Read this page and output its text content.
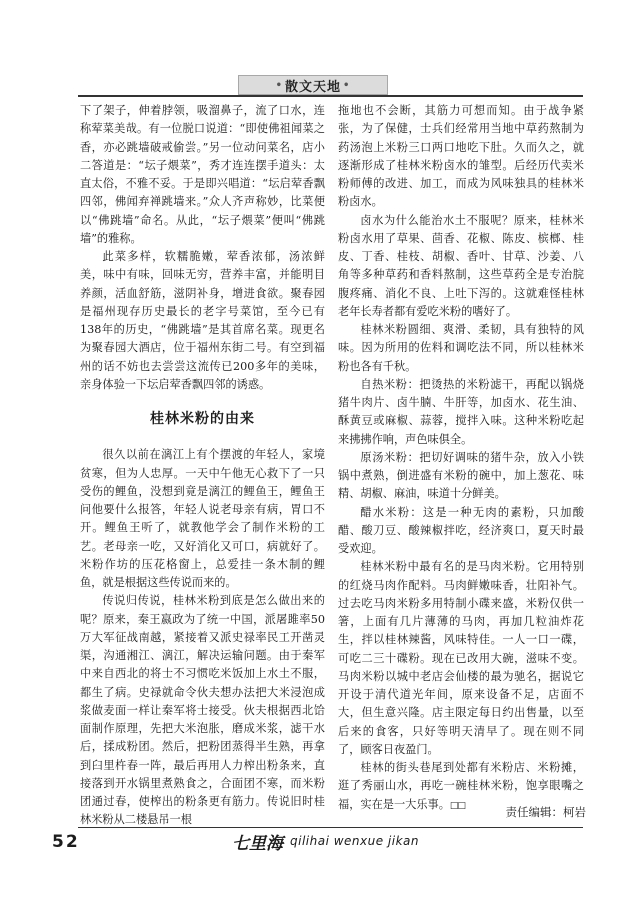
• 散文天地 •

下了架子，伸着脖领，吸溜鼻子，流了口水，连称荤菜美哉。有一位脱口说道：“即使佛祖闻菜之香，亦必跳墙破戒偷尝。”另一位动问菜名，店小二答道是：“坛子煨菜”，秀才连连摆手道头：太直太俗，不雅不妥。于是即兴唱道：“坛启荤香飘四邻，佛闻弃禅跳墙来。”众人齐声称妙，比菜便以“佛跳墙”命名。从此，“坛子煨菜”便叫“佛跳墙”的雅称。

此菜多样，软糯脆嫩，荤香浓郁，汤浓鲜美，味中有味，回味无穷，营养丰富，并能明目养颜，活血舒筋，滋阴补身，增进食欲。聚春园是福州现存历史最长的老字号菜馆，至今已有138年的历史，“佛跳墙”是其首席名菜。现更名为聚春园大酒店，位于福州东街二号。有空到福州的话不妨也去尝尝这流传已200多年的美味，亲身体验一下坛启荤香飘四邻的诱惑。

桂林米粉的由来

很久以前在漓江上有个摆渡的年轻人，家境贫寒，但为人忠厚。一天中午他无心救下了一只受伤的鲤鱼，没想到竟是漓江的鲤鱼王，鲤鱼王问他要什么报答，年轻人说老母亲有病，胃口不开。鲤鱼王听了，就教他学会了制作米粉的工艺。老母亲一吃，又好消化又可口，病就好了。米粉作坊的压花格窗上，总爱挂一条木制的鲤鱼，就是根据这些传说而来的。

传说归传说，桂林米粉到底是怎么做出来的呢？原来，秦王嬴政为了统一中国，派屠雎率50万大军征战南越，紧接着又派史禄率民工开凿灵渠，沟通湘江、漓江，解决运输问题。由于秦军中来自西北的将士不习惯吃米饭加上水土不服，都生了病。史禄就命令伙夫想办法把大米浸泡成浆做麦面一样让秦军将士接受。伙夫根据西北饸面制作原理，先把大米泡胀，磨成米浆，滤干水后，揉成粉团。然后，把粉团蒸得半生熟，再拿到臼里杵春一阵，最后再用人力榨出粉条来，直接落到开水锅里煮熟食之，合面团不寒，而米粉团通过春，使榨出的粉条更有筋力。传说旧时桂林米粉从二楼悬吊一根

拖地也不会断，其筋力可想而知。由于战争紧张，为了保健，士兵们经常用当地中草药熬制为药汤泡上米粉三口两口地吃下肚。久而久之，就逐渐形成了桂林米粉卤水的雏型。后经历代卖米粉师傅的改进、加工，而成为风味独具的桂林米粉卤水。

卤水为什么能治水土不服呢？原来，桂林米粉卤水用了草果、茴香、花椒、陈皮、槟榔、桂皮、丁香、桂枝、胡椒、香叶、甘草、沙姜、八角等多种草药和香料熬制，这些草药全是专治脘腹疼痛、消化不良、上吐下泻的。这就难怪桂林老年长寿者都有爱吃米粉的嗜好了。

桂林米粉圆细、爽滑、柔韧，具有独特的风味。因为所用的佐料和调吃法不同，所以桂林米粉也各有千秋。

自热米粉：把烫热的米粉滤干，再配以锅烧猪牛肉片、卤牛腩、牛肝等，加卤水、花生油、酥黄豆或麻椒、蒜蓉，搅拌入味。这种米粉吃起来拂拂作响，声色味俱全。

原汤米粉：把切好调味的猪牛杂，放入小铁锅中煮熟，倒进盛有米粉的碗中，加上葱花、味精、胡椒、麻油，味道十分鲜美。

醋水米粉：这是一种无肉的素粉，只加酸醋、酸刀豆、酸辣椒拌吃，经济爽口，夏天时最受欢迎。

桂林米粉中最有名的是马肉米粉。它用特别的红烧马肉作配料。马肉鲜嫩味香，壮阳补气。过去吃马肉米粉多用特制小碟来盛，米粉仅供一箸，上面有几片薄薄的马肉，再加几粒油炸花生，拌以桂林辣酱，风味特佳。一人一口一碟，可吃二三十碟粉。现在已改用大碗，滋味不变。马肉米粉以城中老店会仙楼的最为驰名，据说它开设于清代道光年间，原来设备不足，店面不大，但生意兴隆。店主限定每日约出售量，以至后来的食客，只好等明天清早了。现在则不同了，顾客日夜盈门。

桂林的街头巷尾到处都有米粉店、米粉摊，逛了秀丽山水，再吃一碗桂林米粉，饱享眼嘴之福，实在是一大乐事。□□	责任编辑：柯岩
52	七里海 qilihai wenxue jikan
